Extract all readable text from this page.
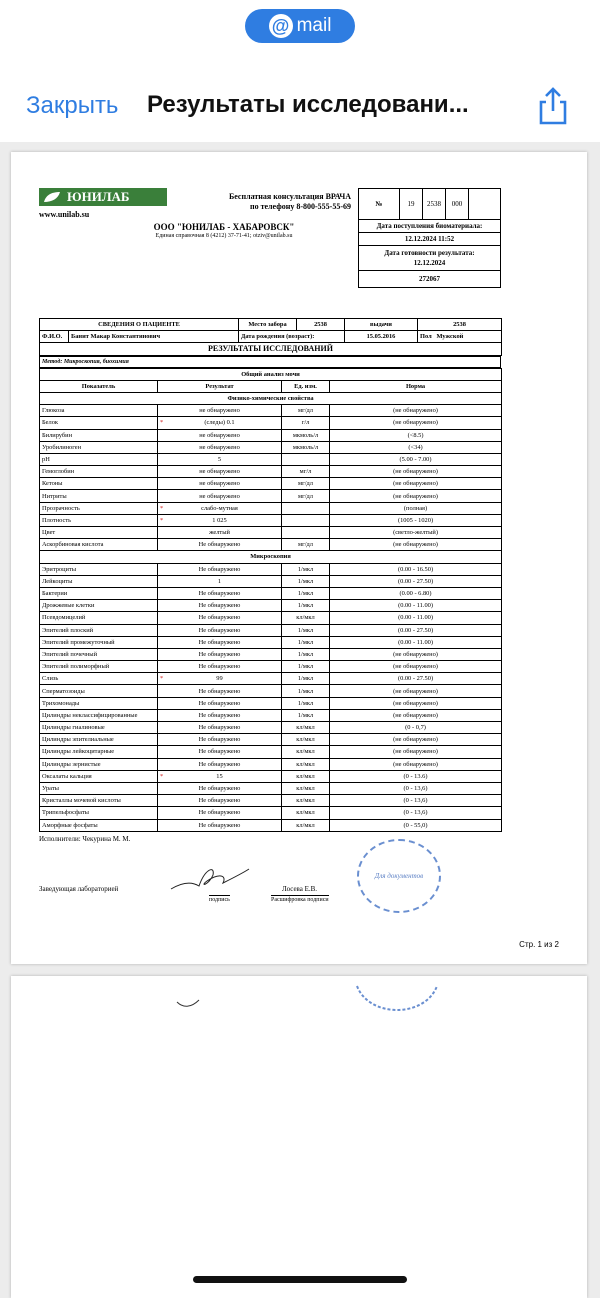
@ mail
Закрыть Результаты исследовани...
ЮНИЛАБ
www.unilab.su
Бесплатная консультация ВРАЧА
по телефону 8-800-555-55-69
ООО "ЮНИЛАБ - ХАБАРОВСК"
Единая справочная 8 (4212) 37-71-41; otziv@unilab.su
№	19	2538	000
Дата поступления биоматериала:
12.12.2024 11:52
Дата готовности результата:
12.12.2024
272067
СВЕДЕНИЯ О ПАЦИЕНТЕ		Место забора	2538	выдачи	2538
Ф.И.О.	Банит Макар Константинович	Дата рождения (возраст):		15.05.2016	Пол Мужской
РЕЗУЛЬТАТЫ ИССЛЕДОВАНИЙ					
Метод: Микроскопия, биохимия
Общий анализ мочи			
Показатель	Результат	Ед. изм.	Норма
Физико-химические свойства			
Глюкоза	не обнаружено	мг/дл	(не обнаружено)
Белок	* (следы) 0.1	г/л	(не обнаружено)
Билирубин	не обнаружено	мкмоль/л	(<8.5)
Уробилиноген	не обнаружено	мкмоль/л	(<34)
pH	5		(5.00 - 7.00)
Гемоглобин	не обнаружено	мг/л	(не обнаружено)
Кетоны	не обнаружено	мг/дл	(не обнаружено)
Нитриты	не обнаружено	мг/дл	(не обнаружено)
Прозрачность	* слабо-мутная		(полная)
Плотность	* 1 025		(1005 - 1020)
Цвет	желтый		(светло-желтый)
Аскорбиновая кислота	Не обнаружено	мг/дл	(не обнаружено)
Микроскопия			
Эритроциты	Не обнаружено	1/мкл	(0.00 - 16.50)
Лейкоциты	1	1/мкл	(0.00 - 27.50)
Бактерии	Не обнаружено	1/мкл	(0.00 - 6.80)
Дрожжевые клетки	Не обнаружено	1/мкл	(0.00 - 11.00)
Псевдомицелий	Не обнаружено	кл/мкл	(0.00 - 11.00)
Эпителий плоский	Не обнаружено	1/мкл	(0.00 - 27.50)
Эпителий промежуточный	Не обнаружено	1/мкл	(0.00 - 11.00)
Эпителий почечный	Не обнаружено	1/мкл	(не обнаружено)
Эпителий полиморфный	Не обнаружено	1/мкл	(не обнаружено)
Слизь	* 99	1/мкл	(0.00 - 27.50)
Сперматозоиды	Не обнаружено	1/мкл	(не обнаружено)
Трихомонады	Не обнаружено	1/мкл	(не обнаружено)
Цилиндры неклассифицированные	Не обнаружено	1/мкл	(не обнаружено)
Цилиндры гиалиновые	Не обнаружено	кл/мкл	(0 - 0,7)
Цилиндры эпителиальные	Не обнаружено	кл/мкл	(не обнаружено)
Цилиндры лейкоцитарные	Не обнаружено	кл/мкл	(не обнаружено)
Цилиндры зернистые	Не обнаружено	кл/мкл	(не обнаружено)
Оксалаты кальция	* 15	кл/мкл	(0 - 13.6)
Ураты	Не обнаружено	кл/мкл	(0 - 13,6)
Кристаллы мочевой кислоты	Не обнаружено	кл/мкл	(0 - 13,6)
Трипельфосфаты	Не обнаружено	кл/мкл	(0 - 13,6)
Аморфные фосфаты	Не обнаружено	кл/мкл	(0 - 55,0)
Исполнители: Чекурина М. М.
Заведующая лабораторией
подпись
Лосева Е.В.
Расшифровка подписи
Для документов
Стр. 1 из 2
